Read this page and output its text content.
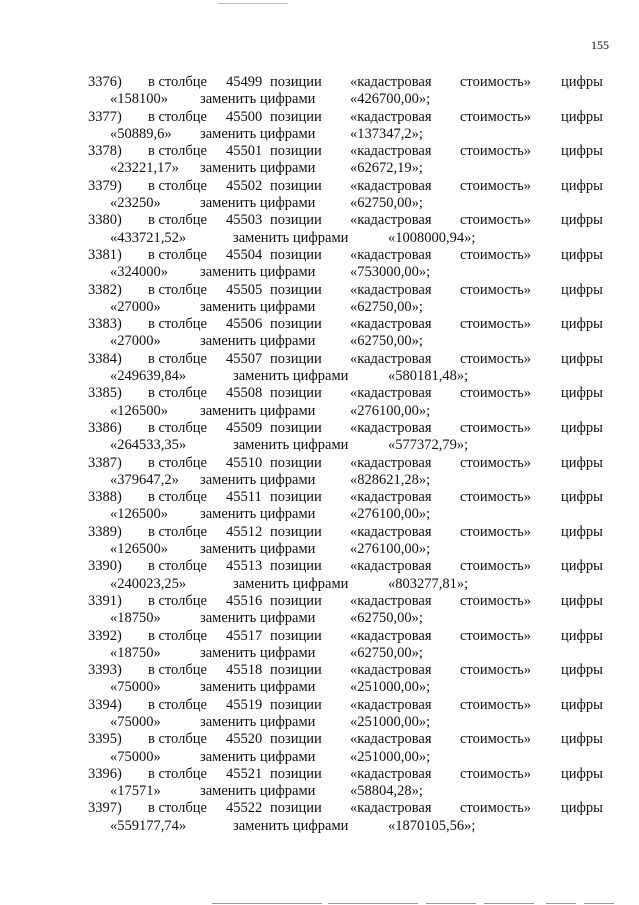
155
3376) в столбце 45499 позиции «кадастровая стоимость» цифры
«158100» заменить цифрами «426700,00»;
3377) в столбце 45500 позиции «кадастровая стоимость» цифры
«50889,6» заменить цифрами «137347,2»;
3378) в столбце 45501 позиции «кадастровая стоимость» цифры
«23221,17» заменить цифрами «62672,19»;
3379) в столбце 45502 позиции «кадастровая стоимость» цифры
«23250»	заменить цифрами «62750,00»;
3380) в столбце 45503 позиции «кадастровая стоимость» цифры
«433721,52»	заменить цифрами	«1008000,94»;
3381) в столбце 45504 позиции «кадастровая стоимость» цифры
«324000» заменить цифрами «753000,00»;
3382) в столбце 45505 позиции «кадастровая стоимость» цифры
«27000»	заменить цифрами «62750,00»;
3383) в столбце 45506 позиции «кадастровая стоимость» цифры
«27000»	заменить цифрами «62750,00»;
3384) в столбце 45507 позиции «кадастровая стоимость» цифры
«249639,84»	заменить цифрами	«580181,48»;
3385) в столбце 45508 позиции «кадастровая стоимость» цифры
«126500» заменить цифрами «276100,00»;
3386) в столбце 45509 позиции «кадастровая стоимость» цифры
«264533,35»	заменить цифрами	«577372,79»;
3387) в столбце 45510 позиции «кадастровая стоимость» цифры
«379647,2» заменить цифрами «828621,28»;
3388) в столбце 45511 позиции «кадастровая стоимость» цифры
«126500» заменить цифрами «276100,00»;
3389) в столбце 45512 позиции «кадастровая стоимость» цифры
«126500» заменить цифрами «276100,00»;
3390) в столбце 45513 позиции «кадастровая стоимость» цифры
«240023,25»	заменить цифрами	«803277,81»;
3391) в столбце 45516 позиции «кадастровая стоимость» цифры
«18750»	заменить цифрами «62750,00»;
3392) в столбце 45517 позиции «кадастровая стоимость» цифры
«18750»	заменить цифрами «62750,00»;
3393) в столбце 45518 позиции «кадастровая стоимость» цифры
«75000»	заменить цифрами «251000,00»;
3394) в столбце 45519 позиции «кадастровая стоимость» цифры
«75000»	заменить цифрами «251000,00»;
3395) в столбце 45520 позиции «кадастровая стоимость» цифры
«75000»	заменить цифрами «251000,00»;
3396) в столбце 45521 позиции «кадастровая стоимость» цифры
«17571»	заменить цифрами «58804,28»;
3397) в столбце 45522 позиции «кадастровая стоимость» цифры
«559177,74»	заменить цифрами	«1870105,56»;
